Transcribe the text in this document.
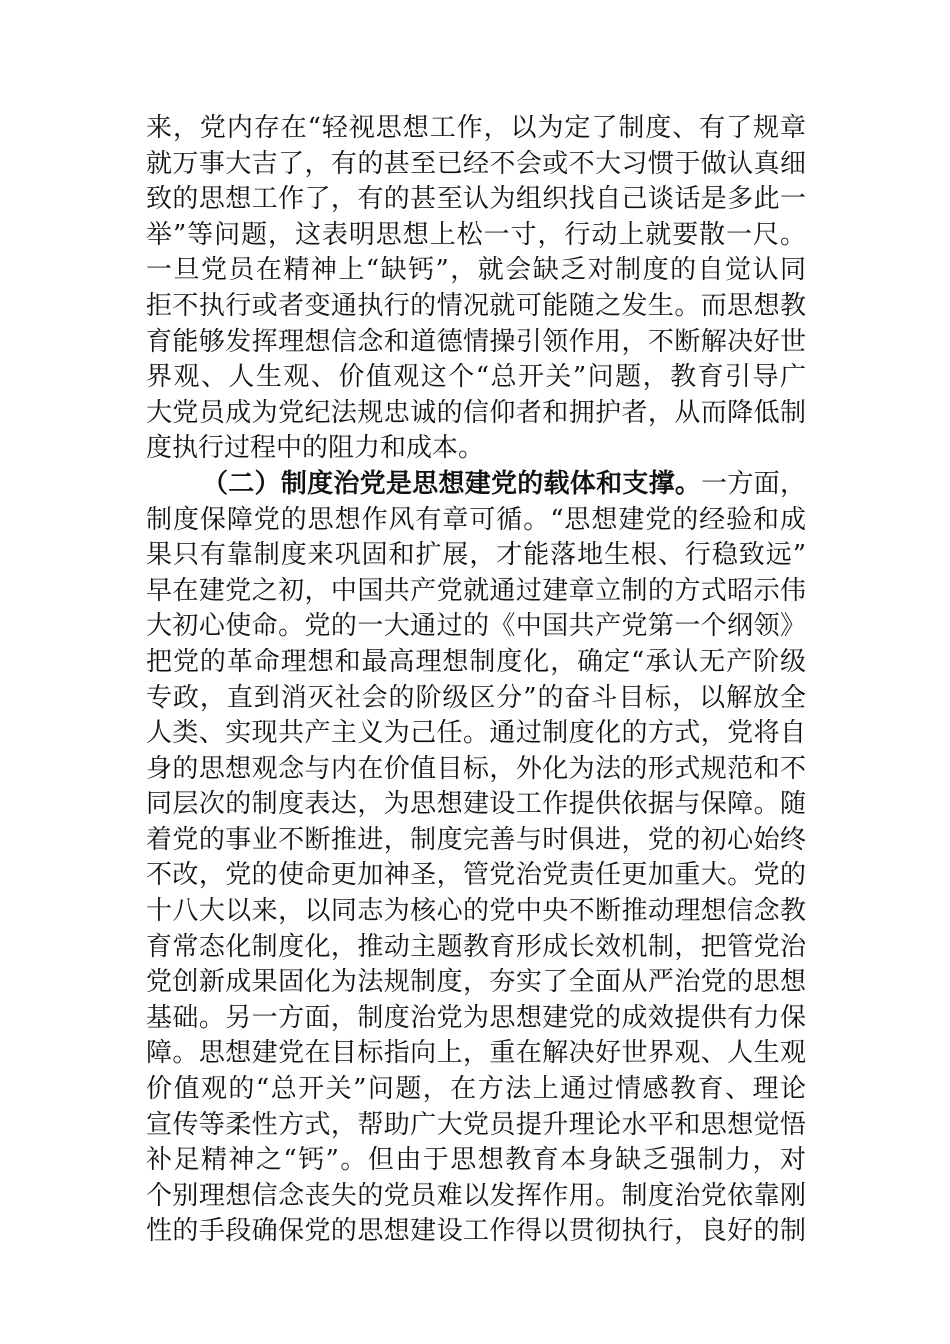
来，党内存在“轻视思想工作，以为定了制度、有了规章
就万事大吉了，有的甚至已经不会或不大习惯于做认真细
致的思想工作了，有的甚至认为组织找自己谈话是多此一
举”等问题，这表明思想上松一寸，行动上就要散一尺。
一旦党员在精神上“缺钙”，就会缺乏对制度的自觉认同
拒不执行或者变通执行的情况就可能随之发生。而思想教
育能够发挥理想信念和道德情操引领作用，不断解决好世
界观、人生观、价值观这个“总开关”问题，教育引导广
大党员成为党纪法规忠诚的信仰者和拥护者，从而降低制
度执行过程中的阻力和成本。
（二）制度治党是思想建党的载体和支撑。一方面，
制度保障党的思想作风有章可循。“思想建党的经验和成
果只有靠制度来巩固和扩展，才能落地生根、行稳致远”
早在建党之初，中国共产党就通过建章立制的方式昭示伟
大初心使命。党的一大通过的《中国共产党第一个纲领》
把党的革命理想和最高理想制度化，确定“承认无产阶级
专政，直到消灭社会的阶级区分”的奋斗目标，以解放全
人类、实现共产主义为己任。通过制度化的方式，党将自
身的思想观念与内在价值目标，外化为法的形式规范和不
同层次的制度表达，为思想建设工作提供依据与保障。随
着党的事业不断推进，制度完善与时俱进，党的初心始终
不改，党的使命更加神圣，管党治党责任更加重大。党的
十八大以来，以同志为核心的党中央不断推动理想信念教
育常态化制度化，推动主题教育形成长效机制，把管党治
党创新成果固化为法规制度，夯实了全面从严治党的思想
基础。另一方面，制度治党为思想建党的成效提供有力保
障。思想建党在目标指向上，重在解决好世界观、人生观
价值观的“总开关”问题，在方法上通过情感教育、理论
宣传等柔性方式，帮助广大党员提升理论水平和思想觉悟
补足精神之“钙”。但由于思想教育本身缺乏强制力，对
个别理想信念丧失的党员难以发挥作用。制度治党依靠刚
性的手段确保党的思想建设工作得以贯彻执行，良好的制
